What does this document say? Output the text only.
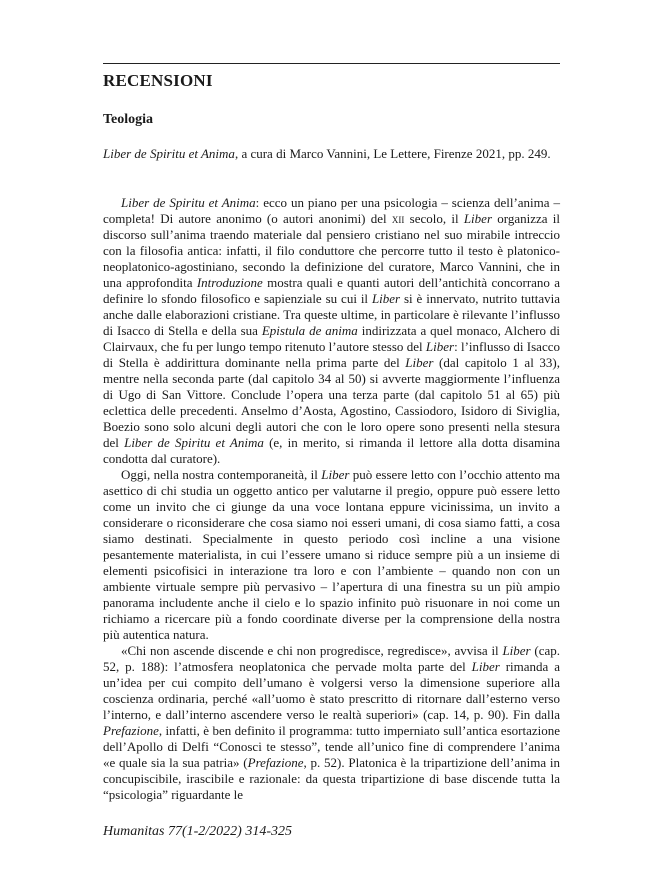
RECENSIONI
Teologia

Liber de Spiritu et Anima, a cura di Marco Vannini, Le Lettere, Firenze 2021, pp. 249.

Liber de Spiritu et Anima: ecco un piano per una psicologia – scienza dell’anima – completa! Di autore anonimo (o autori anonimi) del xii secolo, il Liber organizza il discorso sull’anima traendo materiale dal pensiero cristiano nel suo mirabile intreccio con la filosofia antica: infatti, il filo conduttore che percorre tutto il testo è platonico-neoplatonico-agostiniano, secondo la definizione del curatore, Marco Vannini, che in una approfondita Introduzione mostra quali e quanti autori dell’antichità concorrano a definire lo sfondo filosofico e sapienziale su cui il Liber si è innervato, nutrito tuttavia anche dalle elaborazioni cristiane. Tra queste ultime, in particolare è rilevante l’influsso di Isacco di Stella e della sua Epistula de anima indirizzata a quel monaco, Alchero di Clairvaux, che fu per lungo tempo ritenuto l’autore stesso del Liber: l’influsso di Isacco di Stella è addirittura dominante nella prima parte del Liber (dal capitolo 1 al 33), mentre nella seconda parte (dal capitolo 34 al 50) si avverte maggiormente l’influenza di Ugo di San Vittore. Conclude l’opera una terza parte (dal capitolo 51 al 65) più eclettica delle precedenti. Anselmo d’Aosta, Agostino, Cassiodoro, Isidoro di Siviglia, Boezio sono solo alcuni degli autori che con le loro opere sono presenti nella stesura del Liber de Spiritu et Anima (e, in merito, si rimanda il lettore alla dotta disamina condotta dal curatore).

Oggi, nella nostra contemporaneità, il Liber può essere letto con l’occhio attento ma asettico di chi studia un oggetto antico per valutarne il pregio, oppure può essere letto come un invito che ci giunge da una voce lontana eppure vicinissima, un invito a considerare o riconsiderare che cosa siamo noi esseri umani, di cosa siamo fatti, a cosa siamo destinati. Specialmente in questo periodo così incline a una visione pesantemente materialista, in cui l’essere umano si riduce sempre più a un insieme di elementi psicofisici in interazione tra loro e con l’ambiente – quando non con un ambiente virtuale sempre più pervasivo – l’apertura di una finestra su un più ampio panorama includente anche il cielo e lo spazio infinito può risuonare in noi come un richiamo a ricercare più a fondo coordinate diverse per la comprensione della nostra più autentica natura.

«Chi non ascende discende e chi non progredisce, regredisce», avvisa il Liber (cap. 52, p. 188): l’atmosfera neoplatonica che pervade molta parte del Liber rimanda a un’idea per cui compito dell’umano è volgersi verso la dimensione superiore alla coscienza ordinaria, perché «all’uomo è stato prescritto di ritornare dall’esterno verso l’interno, e dall’interno ascendere verso le realtà superiori» (cap. 14, p. 90). Fin dalla Prefazione, infatti, è ben definito il programma: tutto imperniato sull’antica esortazione dell’Apollo di Delfi “Conosci te stesso”, tende all’unico fine di comprendere l’anima «e quale sia la sua patria» (Prefazione, p. 52). Platonica è la tripartizione dell’anima in concupiscibile, irascibile e razionale: da questa tripartizione di base discende tutta la “psicologia” riguardante le

Humanitas 77(1-2/2022) 314-325
